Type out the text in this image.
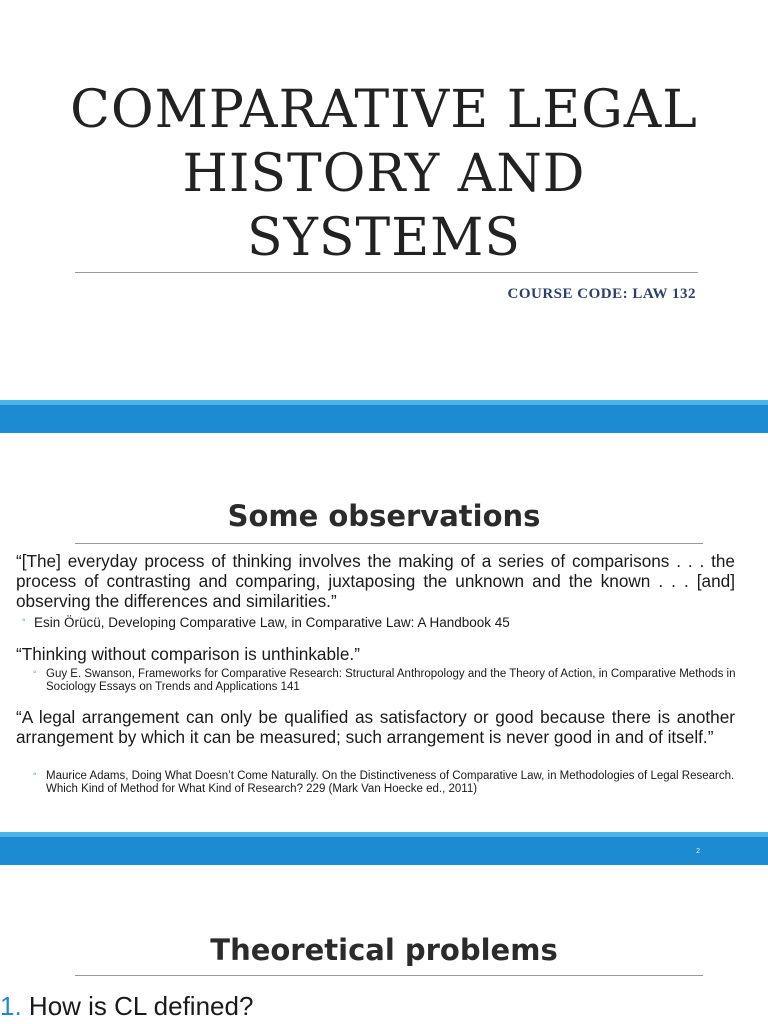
COMPARATIVE LEGAL
HISTORY AND
SYSTEMS
COURSE CODE: LAW 132
Some observations

“[The] everyday process of thinking involves the making of a series of comparisons . . . the process of contrasting and comparing, juxtaposing the unknown and the known . . . [and] observing the differences and similarities.”

◦ Esin Örücü, Developing Comparative Law, in Comparative Law: A Handbook 45

“Thinking without comparison is unthinkable.”

◦ Guy E. Swanson, Frameworks for Comparative Research: Structural Anthropology and the Theory of Action, in Comparative Methods in Sociology Essays on Trends and Applications 141

“A legal arrangement can only be qualified as satisfactory or good because there is another arrangement by which it can be measured; such arrangement is never good in and of itself.”

◦ Maurice Adams, Doing What Doesn’t Come Naturally. On the Distinctiveness of Comparative Law, in Methodologies of Legal Research. Which Kind of Method for What Kind of Research? 229 (Mark Van Hoecke ed., 2011)

2
Theoretical problems
1. How is CL defined?
